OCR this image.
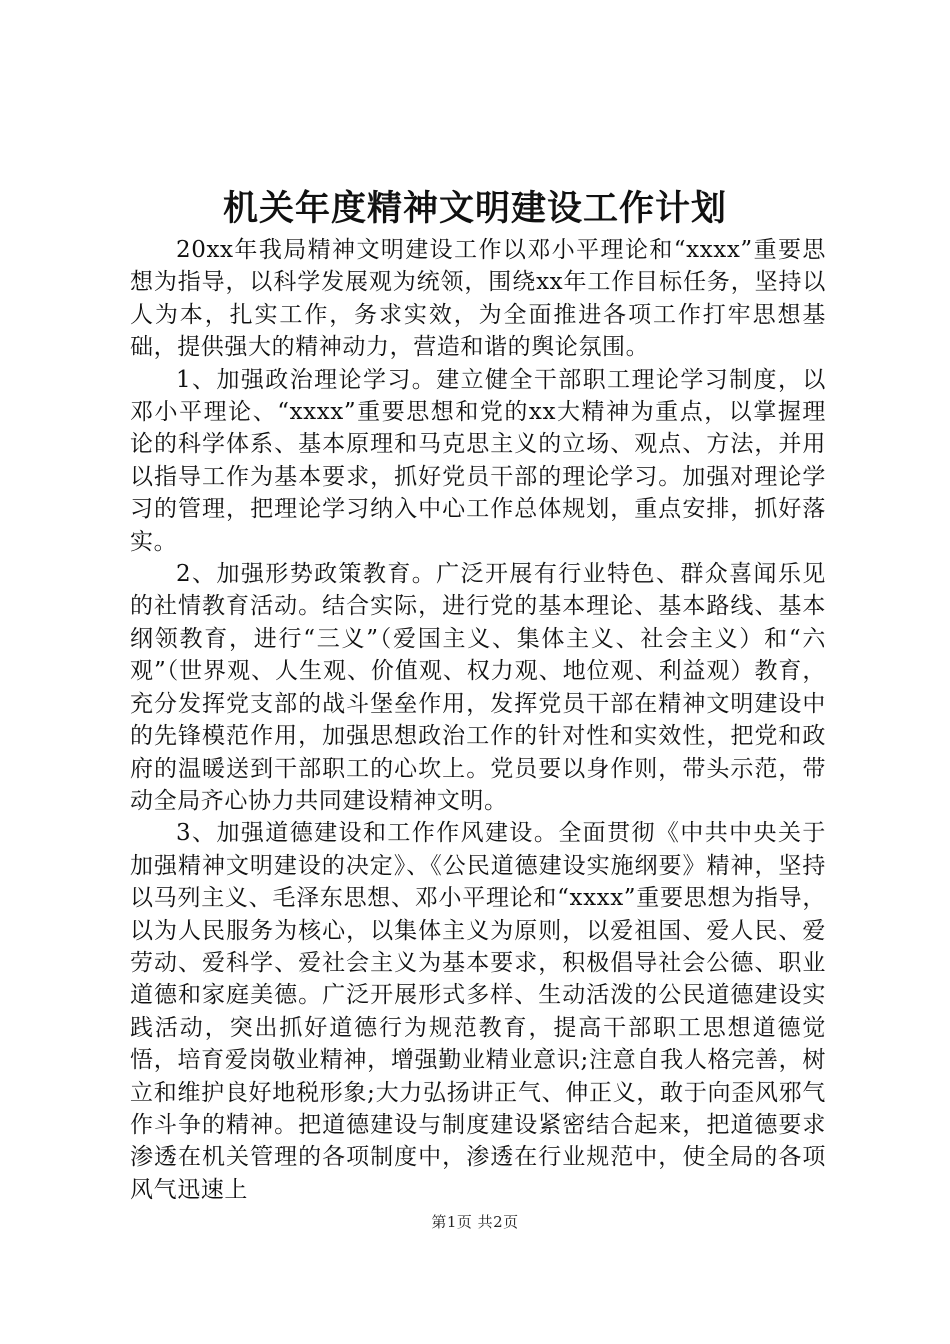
机关年度精神文明建设工作计划

20xx年我局精神文明建设工作以邓小平理论和“xxxx”重要思想为指导，以科学发展观为统领，围绕xx年工作目标任务，坚持以人为本，扎实工作，务求实效，为全面推进各项工作打牢思想基础，提供强大的精神动力，营造和谐的舆论氛围。

1、加强政治理论学习。建立健全干部职工理论学习制度，以邓小平理论、“xxxx”重要思想和党的xx大精神为重点，以掌握理论的科学体系、基本原理和马克思主义的立场、观点、方法，并用以指导工作为基本要求，抓好党员干部的理论学习。加强对理论学习的管理，把理论学习纳入中心工作总体规划，重点安排，抓好落实。

2、加强形势政策教育。广泛开展有行业特色、群众喜闻乐见的社情教育活动。结合实际，进行党的基本理论、基本路线、基本纲领教育，进行“三义”（爱国主义、集体主义、社会主义）和“六观”（世界观、人生观、价值观、权力观、地位观、利益观）教育，充分发挥党支部的战斗堡垒作用，发挥党员干部在精神文明建设中的先锋模范作用，加强思想政治工作的针对性和实效性，把党和政府的温暖送到干部职工的心坎上。党员要以身作则，带头示范，带动全局齐心协力共同建设精神文明。

3、加强道德建设和工作作风建设。全面贯彻《中共中央关于加强精神文明建设的决定》、《公民道德建设实施纲要》精神，坚持以马列主义、毛泽东思想、邓小平理论和“xxxx”重要思想为指导，以为人民服务为核心，以集体主义为原则，以爱祖国、爱人民、爱劳动、爱科学、爱社会主义为基本要求，积极倡导社会公德、职业道德和家庭美德。广泛开展形式多样、生动活泼的公民道德建设实践活动，突出抓好道德行为规范教育，提高干部职工思想道德觉悟，培育爱岗敬业精神，增强勤业精业意识;注意自我人格完善，树立和维护良好地税形象;大力弘扬讲正气、伸正义，敢于向歪风邪气作斗争的精神。把道德建设与制度建设紧密结合起来，把道德要求渗透在机关管理的各项制度中，渗透在行业规范中，使全局的各项风气迅速上

第1页 共2页
